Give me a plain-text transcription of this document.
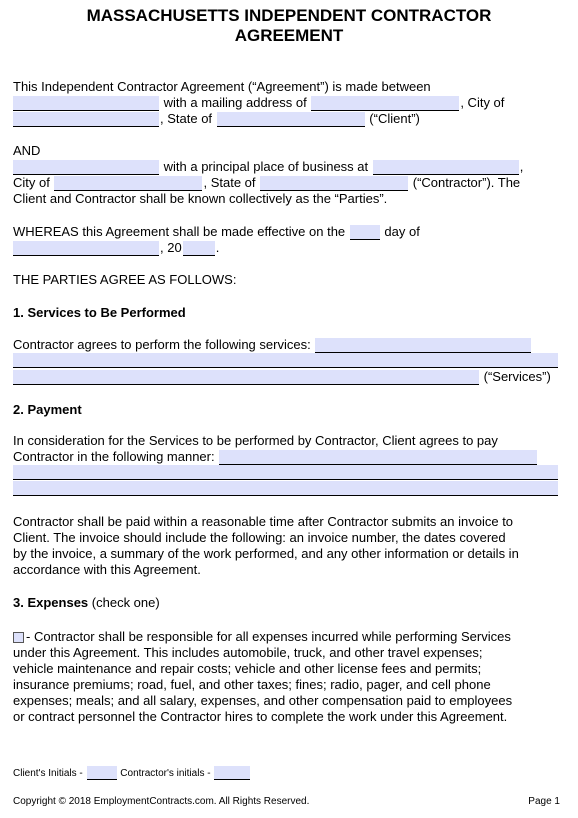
MASSACHUSETTS INDEPENDENT CONTRACTOR
AGREEMENT
This Independent Contractor Agreement (“Agreement”) is made between
with a mailing address of	, City of
, State of	(“Client”)
AND
with a principal place of business at	,
City of	, State of	(“Contractor”). The
Client and Contractor shall be known collectively as the “Parties”.
WHEREAS this Agreement shall be made effective on the	day of
, 20	.
THE PARTIES AGREE AS FOLLOWS:
1. Services to Be Performed
Contractor agrees to perform the following services:
(“Services”)
2. Payment
In consideration for the Services to be performed by Contractor, Client agrees to pay
Contractor in the following manner:
Contractor shall be paid within a reasonable time after Contractor submits an invoice to
Client. The invoice should include the following: an invoice number, the dates covered
by the invoice, a summary of the work performed, and any other information or details in
accordance with this Agreement.
3. Expenses (check one)
- Contractor shall be responsible for all expenses incurred while performing Services
under this Agreement. This includes automobile, truck, and other travel expenses;
vehicle maintenance and repair costs; vehicle and other license fees and permits;
insurance premiums; road, fuel, and other taxes; fines; radio, pager, and cell phone
expenses; meals; and all salary, expenses, and other compensation paid to employees
or contract personnel the Contractor hires to complete the work under this Agreement.
Client's Initials -	Contractor's initials -
Copyright © 2018 EmploymentContracts.com. All Rights Reserved.	Page 1
